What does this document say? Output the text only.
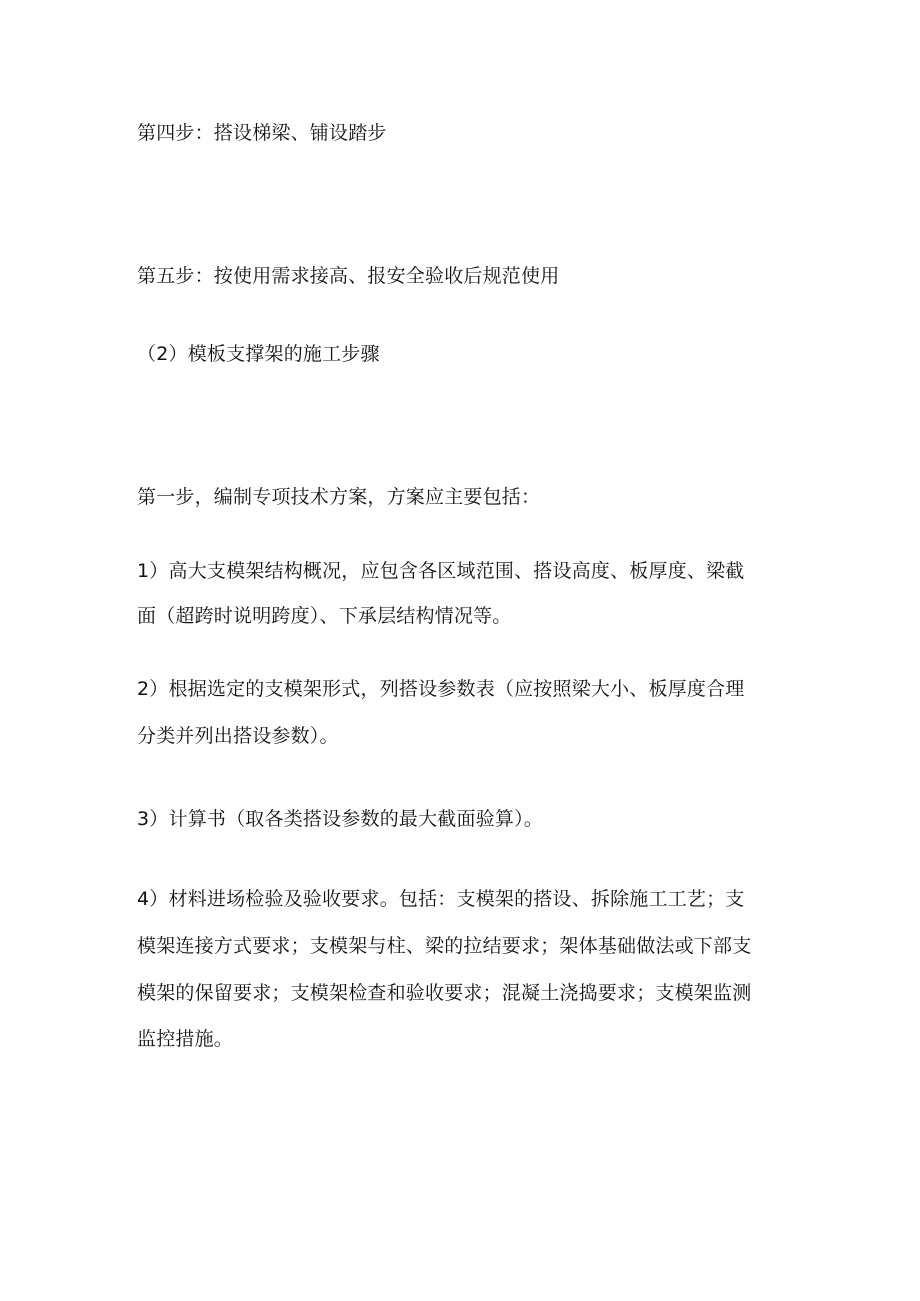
第四步：搭设梯梁、铺设踏步
第五步：按使用需求接高、报安全验收后规范使用
（2）模板支撑架的施工步骤
第一步，编制专项技术方案，方案应主要包括：
1）高大支模架结构概况，应包含各区域范围、搭设高度、板厚度、梁截
面（超跨时说明跨度）、下承层结构情况等。
2）根据选定的支模架形式，列搭设参数表（应按照梁大小、板厚度合理
分类并列出搭设参数）。
3）计算书（取各类搭设参数的最大截面验算）。
4）材料进场检验及验收要求。包括：支模架的搭设、拆除施工工艺；支
模架连接方式要求；支模架与柱、梁的拉结要求；架体基础做法或下部支
模架的保留要求；支模架检查和验收要求；混凝土浇捣要求；支模架监测
监控措施。
